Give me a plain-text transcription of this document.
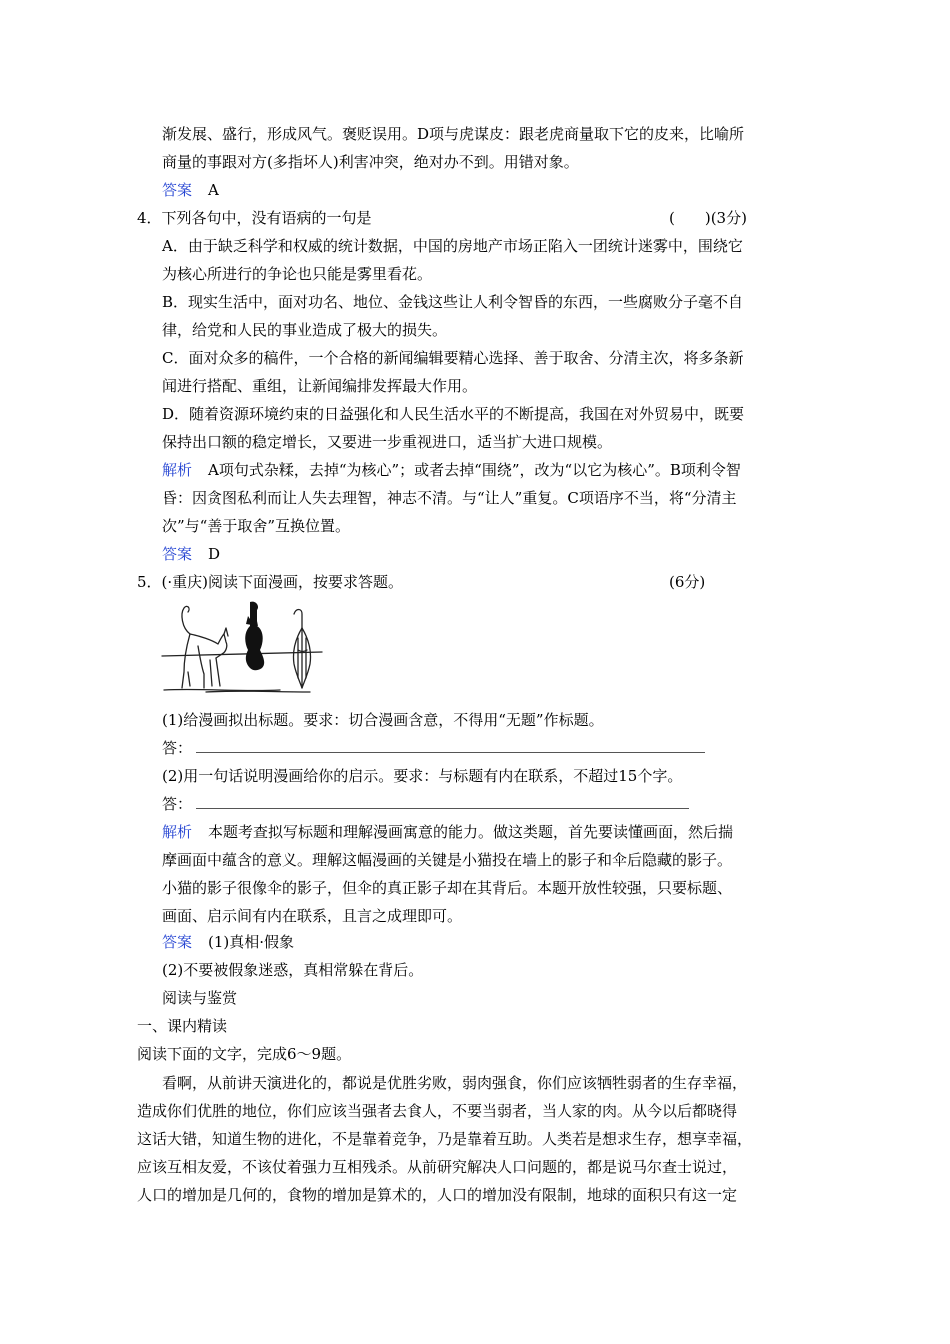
渐发展、盛行，形成风气。褒贬误用。D项与虎谋皮：跟老虎商量取下它的皮来，比喻所
商量的事跟对方(多指坏人)利害冲突，绝对办不到。用错对象。
答案 A
4．下列各句中，没有语病的一句是	(　　)(3分)
A．由于缺乏科学和权威的统计数据，中国的房地产市场正陷入一团统计迷雾中，围绕它
为核心所进行的争论也只能是雾里看花。
B．现实生活中，面对功名、地位、金钱这些让人利令智昏的东西，一些腐败分子毫不自
律，给党和人民的事业造成了极大的损失。
C．面对众多的稿件，一个合格的新闻编辑要精心选择、善于取舍、分清主次，将多条新
闻进行搭配、重组，让新闻编排发挥最大作用。
D．随着资源环境约束的日益强化和人民生活水平的不断提高，我国在对外贸易中，既要
保持出口额的稳定增长，又要进一步重视进口，适当扩大进口规模。
解析 A项句式杂糅，去掉“为核心”；或者去掉“围绕”，改为“以它为核心”。B项利令智
昏：因贪图私利而让人失去理智，神志不清。与“让人”重复。C项语序不当，将“分清主
次”与“善于取舍”互换位置。
答案 D
5．(·重庆)阅读下面漫画，按要求答题。	(6分)
(1)给漫画拟出标题。要求：切合漫画含意，不得用“无题”作标题。
答：
(2)用一句话说明漫画给你的启示。要求：与标题有内在联系，不超过15个字。
答：
解析 本题考查拟写标题和理解漫画寓意的能力。做这类题，首先要读懂画面，然后揣
摩画面中蕴含的意义。理解这幅漫画的关键是小猫投在墙上的影子和伞后隐藏的影子。
小猫的影子很像伞的影子，但伞的真正影子却在其背后。本题开放性较强，只要标题、
画面、启示间有内在联系，且言之成理即可。
答案 (1)真相·假象
(2)不要被假象迷惑，真相常躲在背后。
阅读与鉴赏
一、课内精读
阅读下面的文字，完成6～9题。
看啊，从前讲天演进化的，都说是优胜劣败，弱肉强食，你们应该牺牲弱者的生存幸福，
造成你们优胜的地位，你们应该当强者去食人，不要当弱者，当人家的肉。从今以后都晓得
这话大错，知道生物的进化，不是靠着竞争，乃是靠着互助。人类若是想求生存，想享幸福，
应该互相友爱，不该仗着强力互相残杀。从前研究解决人口问题的，都是说马尔查士说过，
人口的增加是几何的，食物的增加是算术的，人口的增加没有限制，地球的面积只有这一定
